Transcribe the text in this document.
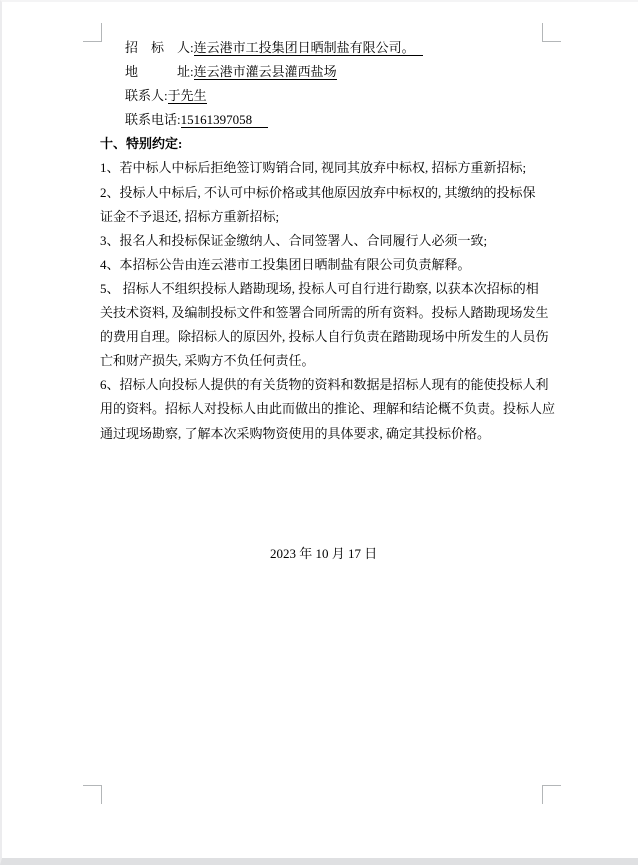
招　标　人:连云港市工投集团日晒制盐有限公司。
地　　　址:连云港市灌云县灌西盐场
联系人:于先生
联系电话:15161397058
十、特别约定:
1、若中标人中标后拒绝签订购销合同, 视同其放弃中标权, 招标方重新招标;
2、投标人中标后, 不认可中标价格或其他原因放弃中标权的, 其缴纳的投标保
证金不予退还, 招标方重新招标;
3、报名人和投标保证金缴纳人、合同签署人、合同履行人必须一致;
4、本招标公告由连云港市工投集团日晒制盐有限公司负责解释。
5、 招标人不组织投标人踏勘现场, 投标人可自行进行勘察, 以获本次招标的相
关技术资料, 及编制投标文件和签署合同所需的所有资料。投标人踏勘现场发生
的费用自理。除招标人的原因外, 投标人自行负责在踏勘现场中所发生的人员伤
亡和财产损失, 采购方不负任何责任。
6、招标人向投标人提供的有关货物的资料和数据是招标人现有的能使投标人利
用的资料。招标人对投标人由此而做出的推论、理解和结论概不负责。投标人应
通过现场勘察, 了解本次采购物资使用的具体要求, 确定其投标价格。
2023 年 10 月 17 日
